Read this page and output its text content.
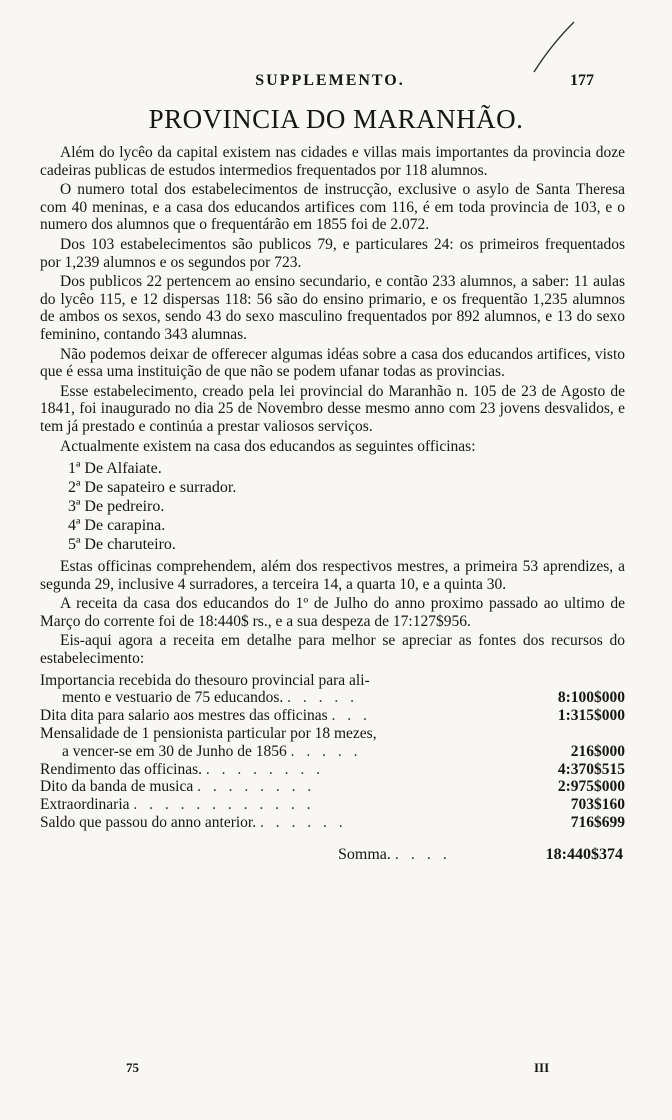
SUPPLEMENTO.	177
PROVINCIA DO MARANHÃO.

Além do lycêo da capital existem nas cidades e villas mais importantes da provincia doze cadeiras publicas de estudos intermedios frequentados por 118 alumnos.

O numero total dos estabelecimentos de instrucção, exclusive o asylo de Santa Theresa com 40 meninas, e a casa dos educandos artifices com 116, é em toda provincia de 103, e o numero dos alumnos que o frequentárão em 1855 foi de 2.072.

Dos 103 estabelecimentos são publicos 79, e particulares 24: os primeiros frequentados por 1,239 alumnos e os segundos por 723.

Dos publicos 22 pertencem ao ensino secundario, e contão 233 alumnos, a saber: 11 aulas do lycêo 115, e 12 dispersas 118: 56 são do ensino primario, e os frequentão 1,235 alumnos de ambos os sexos, sendo 43 do sexo masculino frequentados por 892 alumnos, e 13 do sexo feminino, contando 343 alumnas.

Não podemos deixar de offerecer algumas idéas sobre a casa dos educandos artifices, visto que é essa uma instituição de que não se podem ufanar todas as provincias.

Esse estabelecimento, creado pela lei provincial do Maranhão n. 105 de 23 de Agosto de 1841, foi inaugurado no dia 25 de Novembro desse mesmo anno com 23 jovens desvalidos, e tem já prestado e continúa a prestar valiosos serviços.

Actualmente existem na casa dos educandos as seguintes officinas:

1ª De Alfaiate.
2ª De sapateiro e surrador.
3ª De pedreiro.
4ª De carapina.
5ª De charuteiro.

Estas officinas comprehendem, além dos respectivos mestres, a primeira 53 aprendizes, a segunda 29, inclusive 4 surradores, a terceira 14, a quarta 10, e a quinta 30.

A receita da casa dos educandos do 1º de Julho do anno proximo passado ao ultimo de Março do corrente foi de 18:440$ rs., e a sua despeza de 17:127$956.

Eis-aqui agora a receita em detalhe para melhor se apreciar as fontes dos recursos do estabelecimento:

Importancia recebida do thesouro provincial para ali-
mento e vestuario de 75 educandos. . . . . .	8:100$000
Dita dita para salario aos mestres das officinas . . .	1:315$000

Mensalidade de 1 pensionista particular por 18 mezes,
a vencer-se em 30 de Junho de 1856 . . . . .	216$000
Rendimento das officinas. . . . . . . . .	4:370$515
Dito da banda de musica . . . . . . . .	2:975$000
Extraordinaria . . . . . . . . . . . .	703$160
Saldo que passou do anno anterior. . . . . . .	716$699
Somma. . . . .	18:440$374
75	III
